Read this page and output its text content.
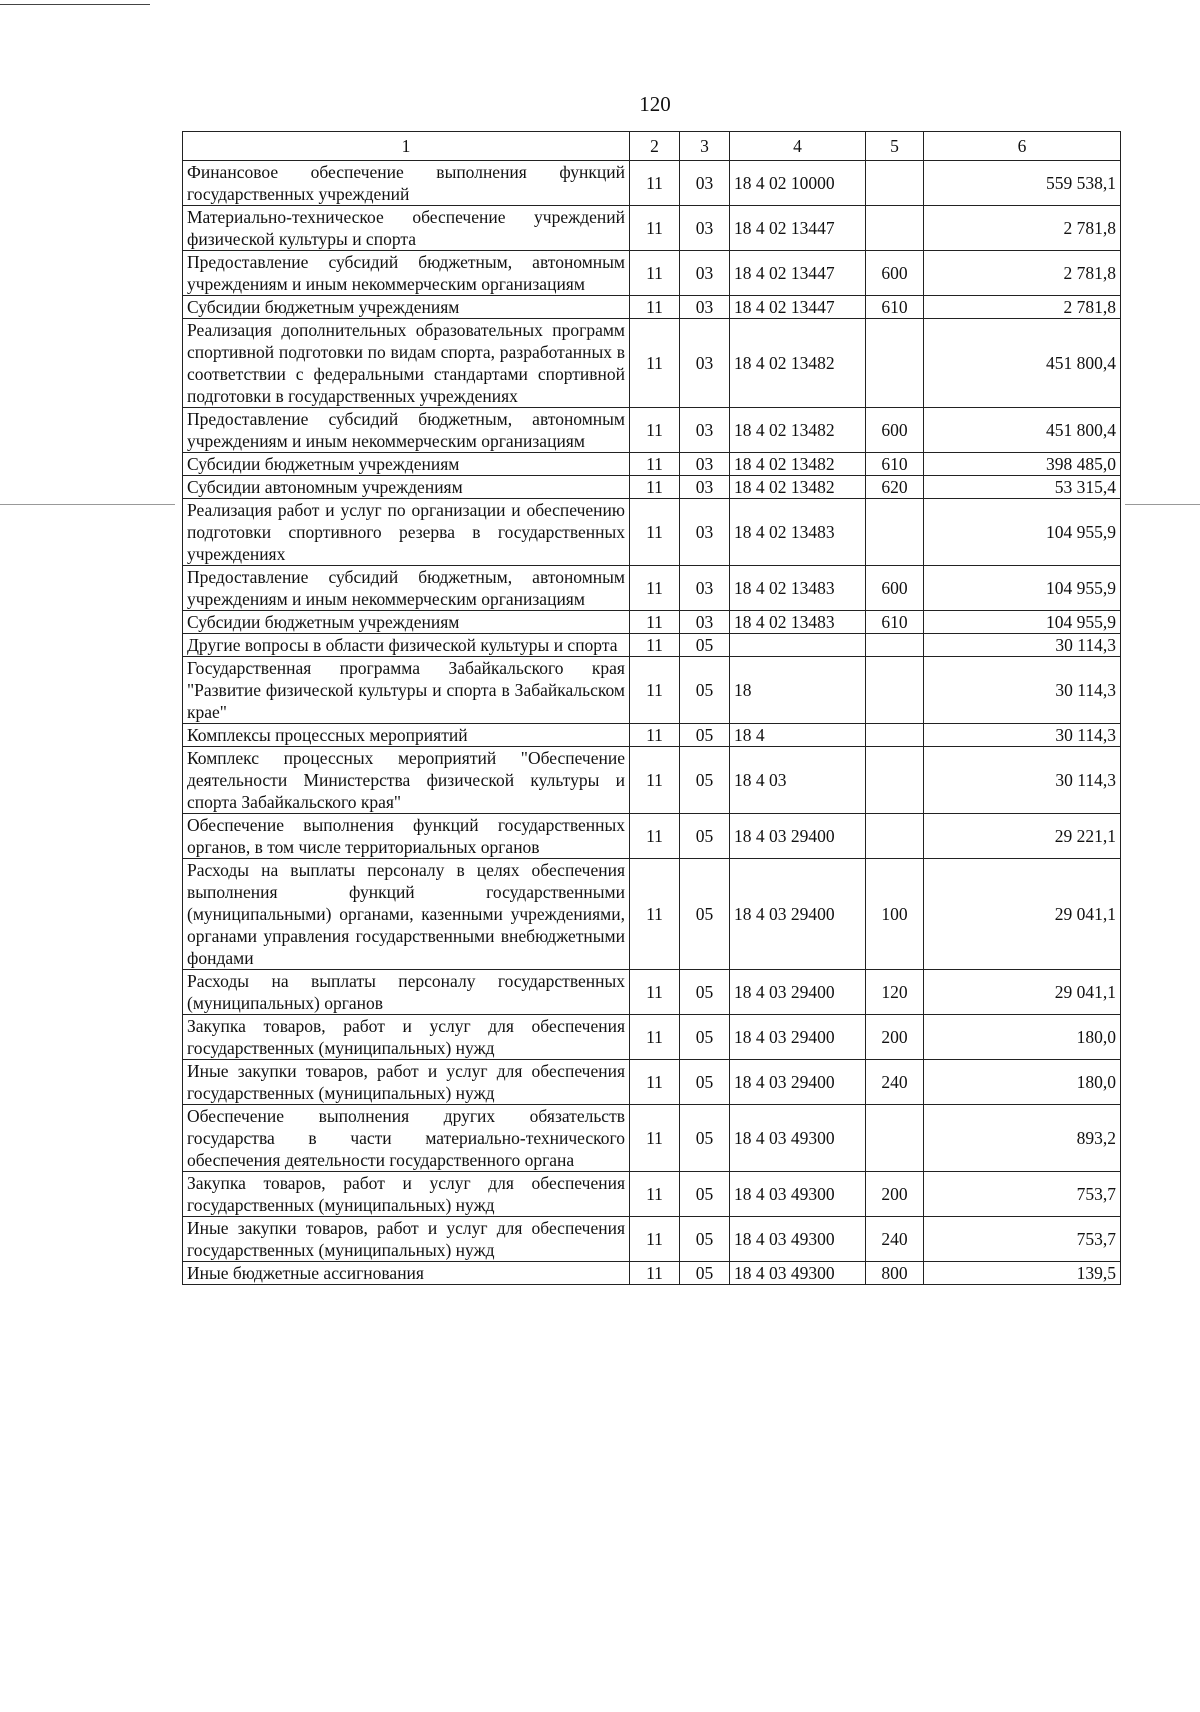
120
1	2	3	4	5	6
Финансовое обеспечение выполнения функций государственных учреждений	11	03	18 4 02 10000		559 538,1
Материально-техническое обеспечение учреждений физической культуры и спорта	11	03	18 4 02 13447		2 781,8
Предоставление субсидий бюджетным, автономным учреждениям и иным некоммерческим организациям	11	03	18 4 02 13447	600	2 781,8
Субсидии бюджетным учреждениям	11	03	18 4 02 13447	610	2 781,8
Реализация дополнительных образовательных программ спортивной подготовки по видам спорта, разработанных в соответствии с федеральными стандартами спортивной подготовки в государственных учреждениях	11	03	18 4 02 13482		451 800,4
Предоставление субсидий бюджетным, автономным учреждениям и иным некоммерческим организациям	11	03	18 4 02 13482	600	451 800,4
Субсидии бюджетным учреждениям	11	03	18 4 02 13482	610	398 485,0
Субсидии автономным учреждениям	11	03	18 4 02 13482	620	53 315,4
Реализация работ и услуг по организации и обеспечению подготовки спортивного резерва в государственных учреждениях	11	03	18 4 02 13483		104 955,9
Предоставление субсидий бюджетным, автономным учреждениям и иным некоммерческим организациям	11	03	18 4 02 13483	600	104 955,9
Субсидии бюджетным учреждениям	11	03	18 4 02 13483	610	104 955,9
Другие вопросы в области физической культуры и спорта	11	05			30 114,3
Государственная программа Забайкальского края "Развитие физической культуры и спорта в Забайкальском крае"	11	05	18		30 114,3
Комплексы процессных мероприятий	11	05	18 4		30 114,3
Комплекс процессных мероприятий "Обеспечение деятельности Министерства физической культуры и спорта Забайкальского края"	11	05	18 4 03		30 114,3
Обеспечение выполнения функций государственных органов, в том числе территориальных органов	11	05	18 4 03 29400		29 221,1
Расходы на выплаты персоналу в целях обеспечения выполнения функций государственными (муниципальными) органами, казенными учреждениями, органами управления государственными внебюджетными фондами	11	05	18 4 03 29400	100	29 041,1
Расходы на выплаты персоналу государственных (муниципальных) органов	11	05	18 4 03 29400	120	29 041,1
Закупка товаров, работ и услуг для обеспечения государственных (муниципальных) нужд	11	05	18 4 03 29400	200	180,0
Иные закупки товаров, работ и услуг для обеспечения государственных (муниципальных) нужд	11	05	18 4 03 29400	240	180,0
Обеспечение выполнения других обязательств государства в части материально-технического обеспечения деятельности государственного органа	11	05	18 4 03 49300		893,2
Закупка товаров, работ и услуг для обеспечения государственных (муниципальных) нужд	11	05	18 4 03 49300	200	753,7
Иные закупки товаров, работ и услуг для обеспечения государственных (муниципальных) нужд	11	05	18 4 03 49300	240	753,7
Иные бюджетные ассигнования	11	05	18 4 03 49300	800	139,5
